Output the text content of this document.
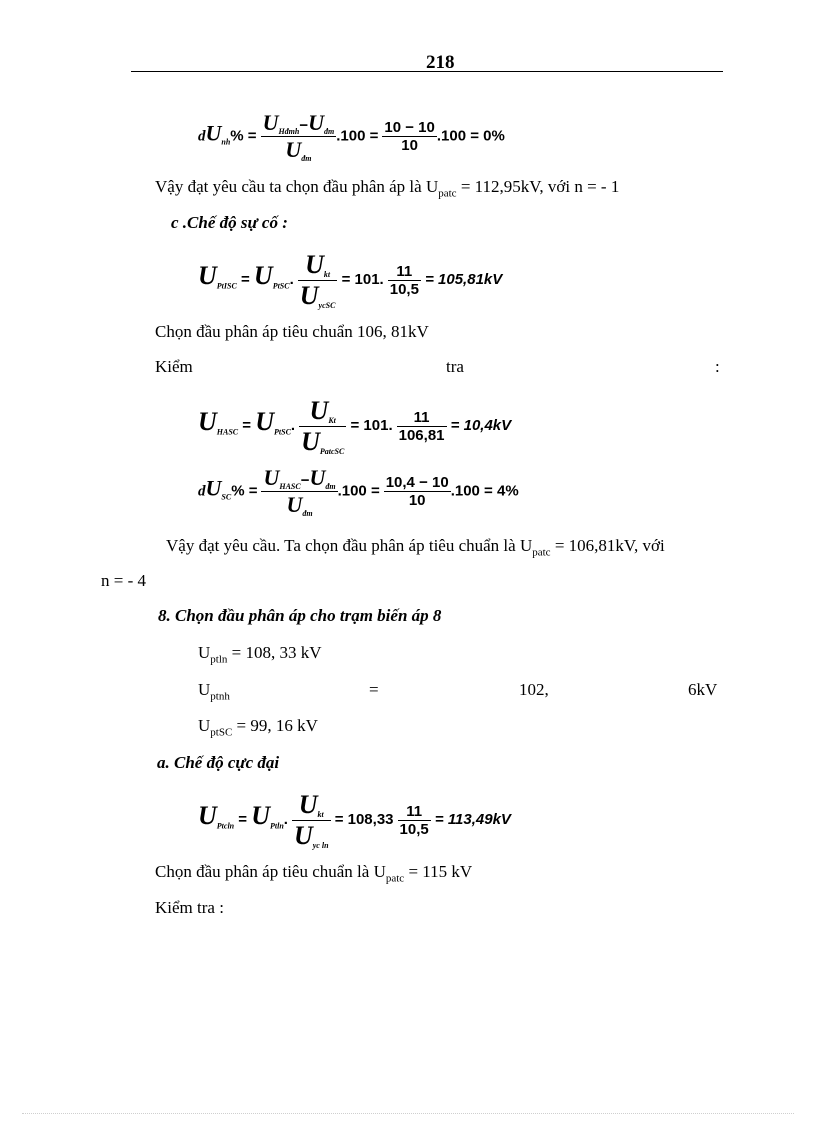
218
$dU_{nh}\% = \frac{U_{Hđmh}-U_{đm}}{U_{đm}} .100 = \frac{10 - 10}{10} .100 = 0\%$
Vậy đạt yêu cầu ta chọn đầu phân áp là $U_{patc} = 112,95kV$, với n = - 1
c .Chế độ sự cố :
$U_{PtISC} = U_{PtSC}$. $\frac{U_{kt}}{U_{ycSC}} = 101$. $\frac{11}{10,5} = 105,81kV$
Chọn đầu phân áp tiêu chuẩn 106, 81kV
Kiểm	tra	:
$U_{HASC} = U_{PtSC}$. $\frac{U_{Kt}}{U_{PatcSC}} = 101$. $\frac{11}{106,81} = 10,4kV$
$dU_{SC}\% = \frac{U_{HASC}-U_{đm}}{U_{đm}} .100 = \frac{10,4 - 10}{10} .100 = 4\%$
Vậy đạt yêu cầu. Ta chọn đầu phân áp tiêu chuẩn là $U_{patc} = 106,81kV$, với
n = - 4
8. Chọn đầu phân áp cho trạm biến áp 8
$U_{ptln} = 108$, 33 kV
$U_{ptnh}$	=	102,	6kV
$U_{ptSC} = 99$, 16 kV
a. Chế độ cực đại
$U_{Ptcln} = U_{Ptln}$. $\frac{U_{kt}}{U_{yc ln}} = 108,33 \frac{11}{10,5} = 113,49kV$
Chọn đầu phân áp tiêu chuẩn là $U_{patc} = 115$ kV
Kiểm tra :
